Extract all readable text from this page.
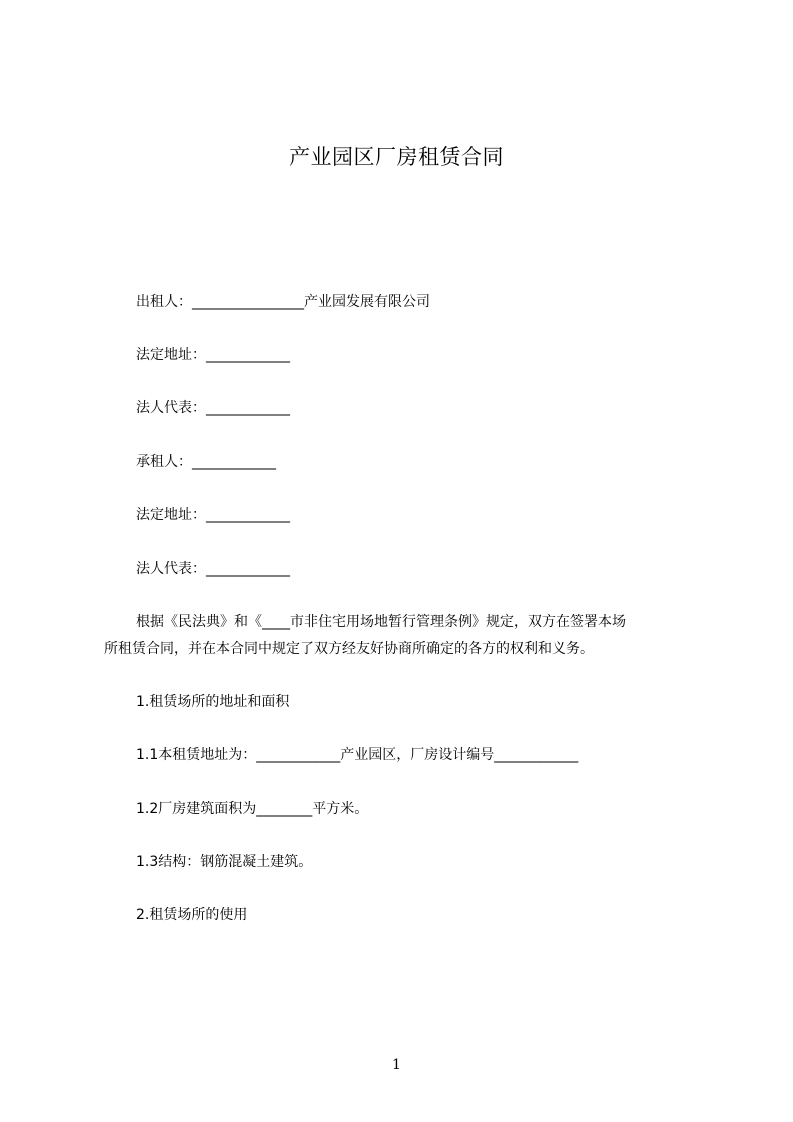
产业园区厂房租赁合同
出租人：________________产业园发展有限公司
法定地址：____________
法人代表：____________
承租人：____________
法定地址：____________
法人代表：____________
根据《民法典》和《____市非住宅用场地暂行管理条例》规定，双方在签署本场
所租赁合同，并在本合同中规定了双方经友好协商所确定的各方的权利和义务。
1.租赁场所的地址和面积
1.1本租赁地址为：____________产业园区，厂房设计编号____________
1.2厂房建筑面积为________平方米。
1.3结构：钢筋混凝土建筑。
2.租赁场所的使用
1
